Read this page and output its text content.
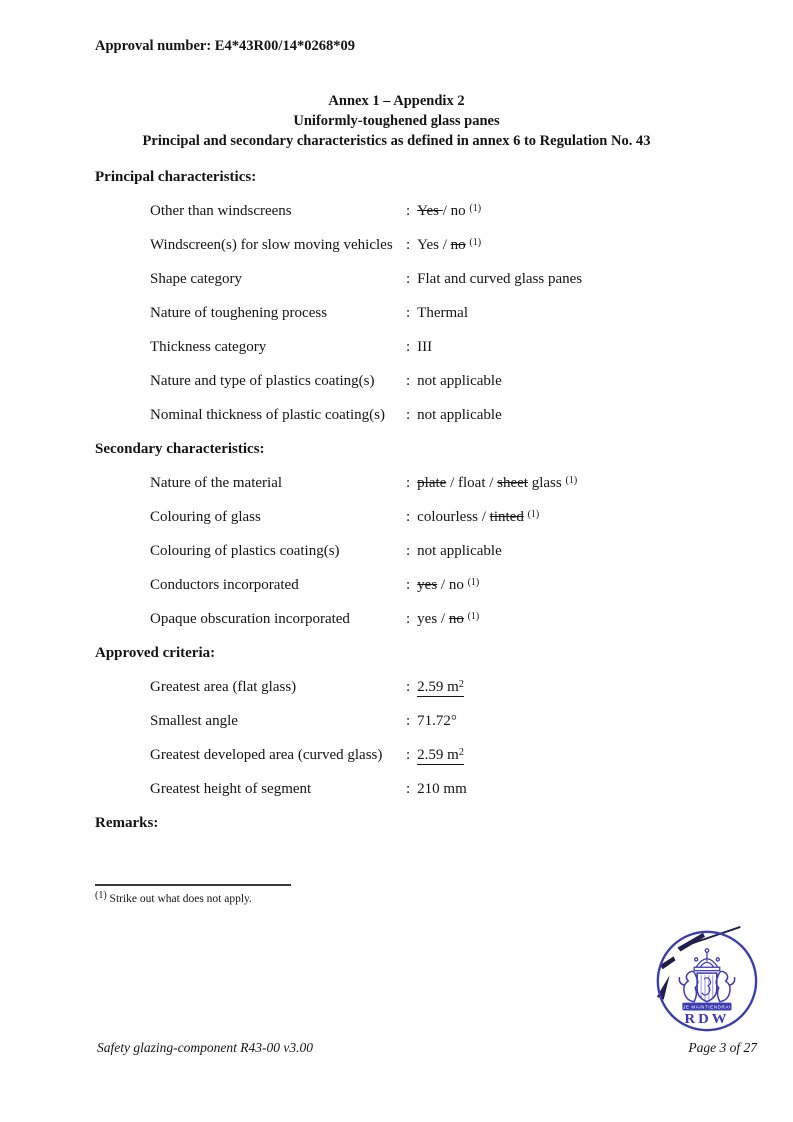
Approval number: E4*43R00/14*0268*09
Annex 1 – Appendix 2
Uniformly-toughened glass panes
Principal and secondary characteristics as defined in annex 6 to Regulation No. 43
Principal characteristics:
Other than windscreens	: Yes / no $^{(1)}$
Windscreen(s) for slow moving vehicles : Yes / no $^{(1)}$
Shape category	: Flat and curved glass panes
Nature of toughening process	: Thermal
Thickness category	: III
Nature and type of plastics coating(s)	: not applicable
Nominal thickness of plastic coating(s)	: not applicable
Secondary characteristics:
Nature of the material	: plate / float / sheet glass $^{(1)}$
Colouring of glass	: colourless / tinted $^{(1)}$
Colouring of plastics coating(s)	: not applicable
Conductors incorporated	: yes / no $^{(1)}$
Opaque obscuration incorporated	: yes / no $^{(1)}$
Approved criteria:
Greatest area (flat glass)	: 2.59 m$^2$
Smallest angle	: 71.72°
Greatest developed area (curved glass)	: 2.59 m$^2$
Greatest height of segment	: 210 mm
Remarks:
$^{(1)}$ Strike out what does not apply.
JE MAINTIENDRAI
RDW
Safety glazing-component R43-00 v3.00	Page 3 of 27
